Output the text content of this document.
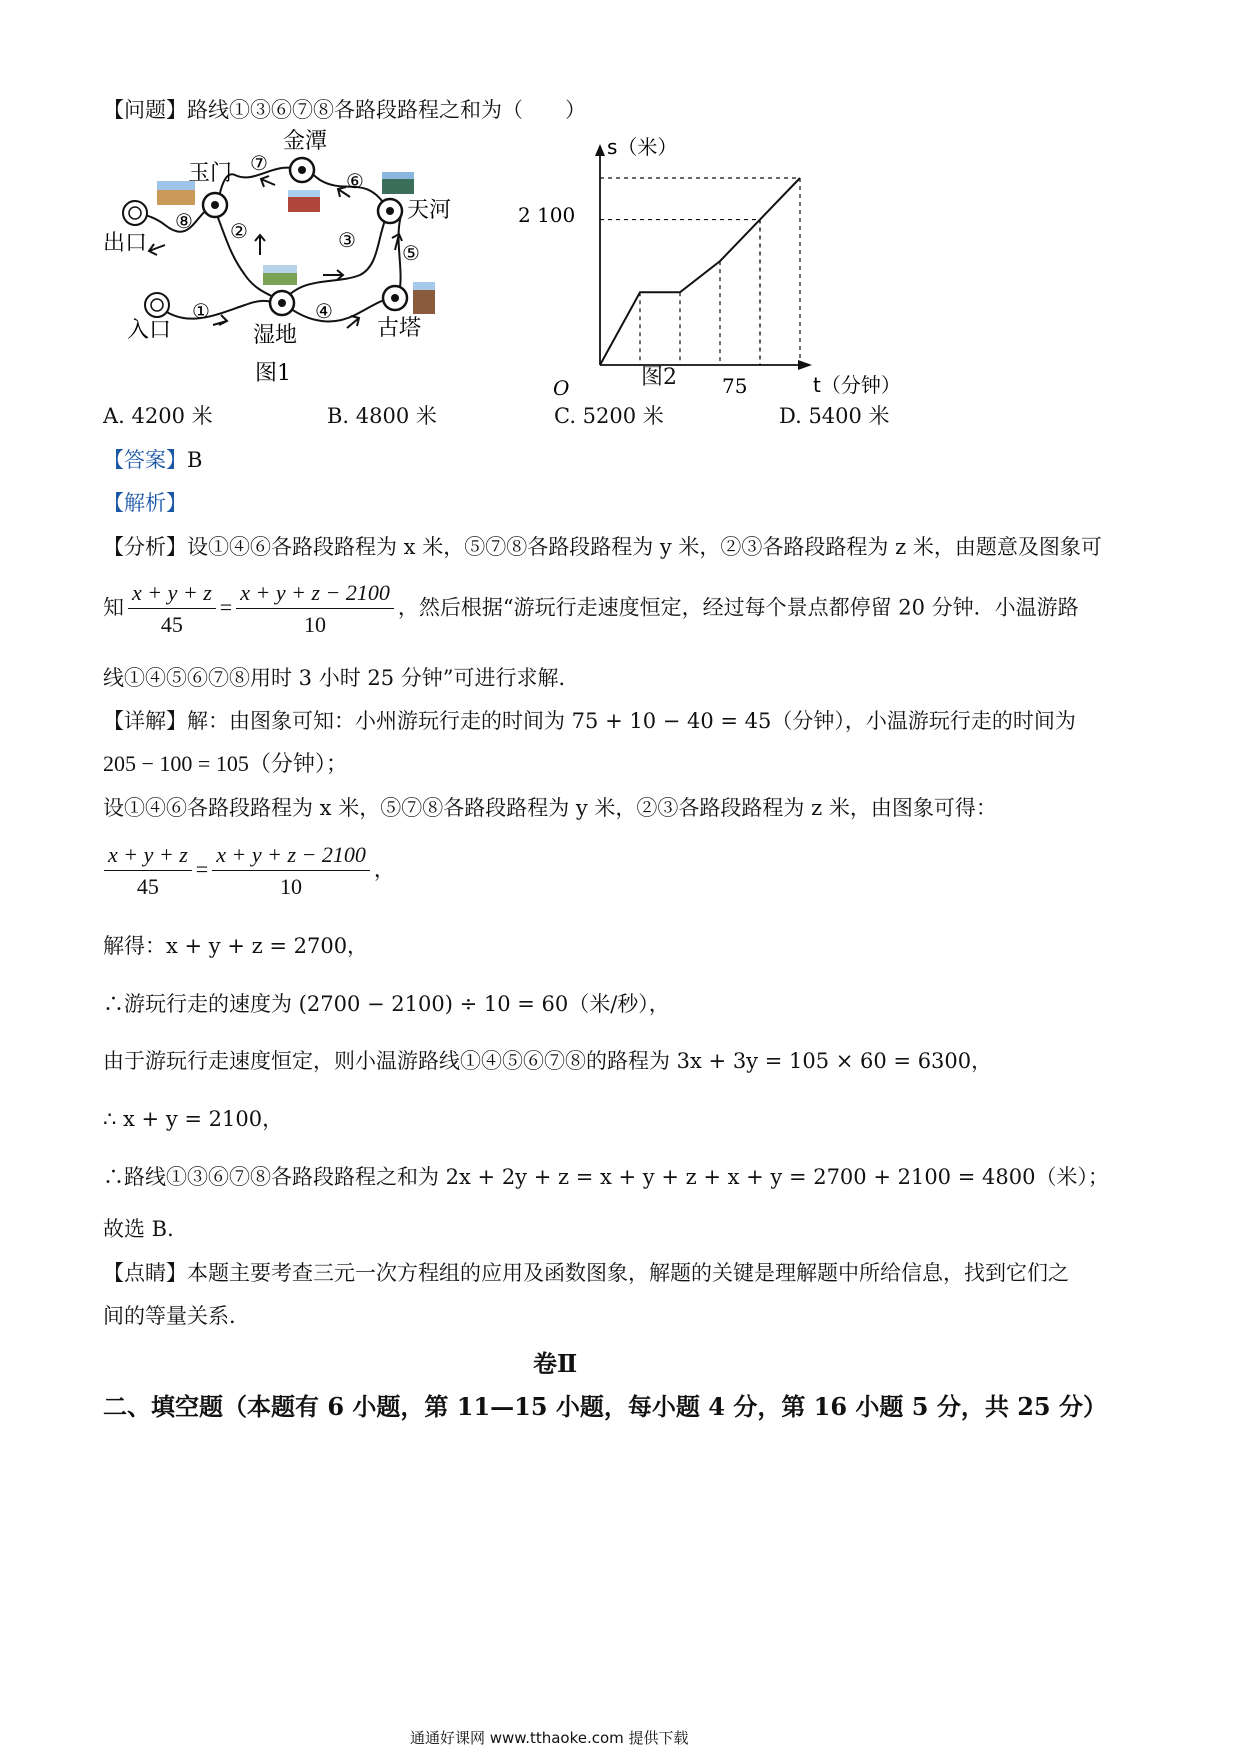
【问题】路线①③⑥⑦⑧各路段路程之和为（　　）
金潭
玉门
天河
出口
入口	湿地	古塔
①
②	③
④
⑤
⑥
⑦
⑧
图1
O
s（米）
t（分钟）
2 100
75
图2
A. 4200 米	B. 4800 米	C. 5200 米	D. 5400 米
【答案】B
【解析】
【分析】设①④⑥各路段路程为 x 米，⑤⑦⑧各路段路程为 y 米，②③各路段路程为 z 米，由题意及图象可
知 $\frac{x + y + z}{45} = \frac{x + y + z - 2100}{10}$ ，然后根据“游玩行走速度恒定，经过每个景点都停留 20 分钟．小温游路
线①④⑤⑥⑦⑧用时 3 小时 25 分钟”可进行求解．
【详解】解：由图象可知：小州游玩行走的时间为 75 + 10 − 40 = 45（分钟），小温游玩行走的时间为
205 − 100 = 105（分钟）；
设①④⑥各路段路程为 x 米，⑤⑦⑧各路段路程为 y 米，②③各路段路程为 z 米，由图象可得：
$\frac{x + y + z}{45} = \frac{x + y + z - 2100}{10}$ ，
解得：x + y + z = 2700，
∴游玩行走的速度为 (2700 − 2100) ÷ 10 = 60（米/秒），
由于游玩行走速度恒定，则小温游路线①④⑤⑥⑦⑧的路程为 3x + 3y = 105 × 60 = 6300，
∴ x + y = 2100，
∴路线①③⑥⑦⑧各路段路程之和为 2x + 2y + z = x + y + z + x + y = 2700 + 2100 = 4800（米）；
故选 B．
【点睛】本题主要考查三元一次方程组的应用及函数图象，解题的关键是理解题中所给信息，找到它们之
间的等量关系．
卷Ⅱ
二、填空题（本题有 6 小题，第 11—15 小题，每小题 4 分，第 16 小题 5 分，共 25 分）
通通好课网 www.tthaoke.com 提供下载
